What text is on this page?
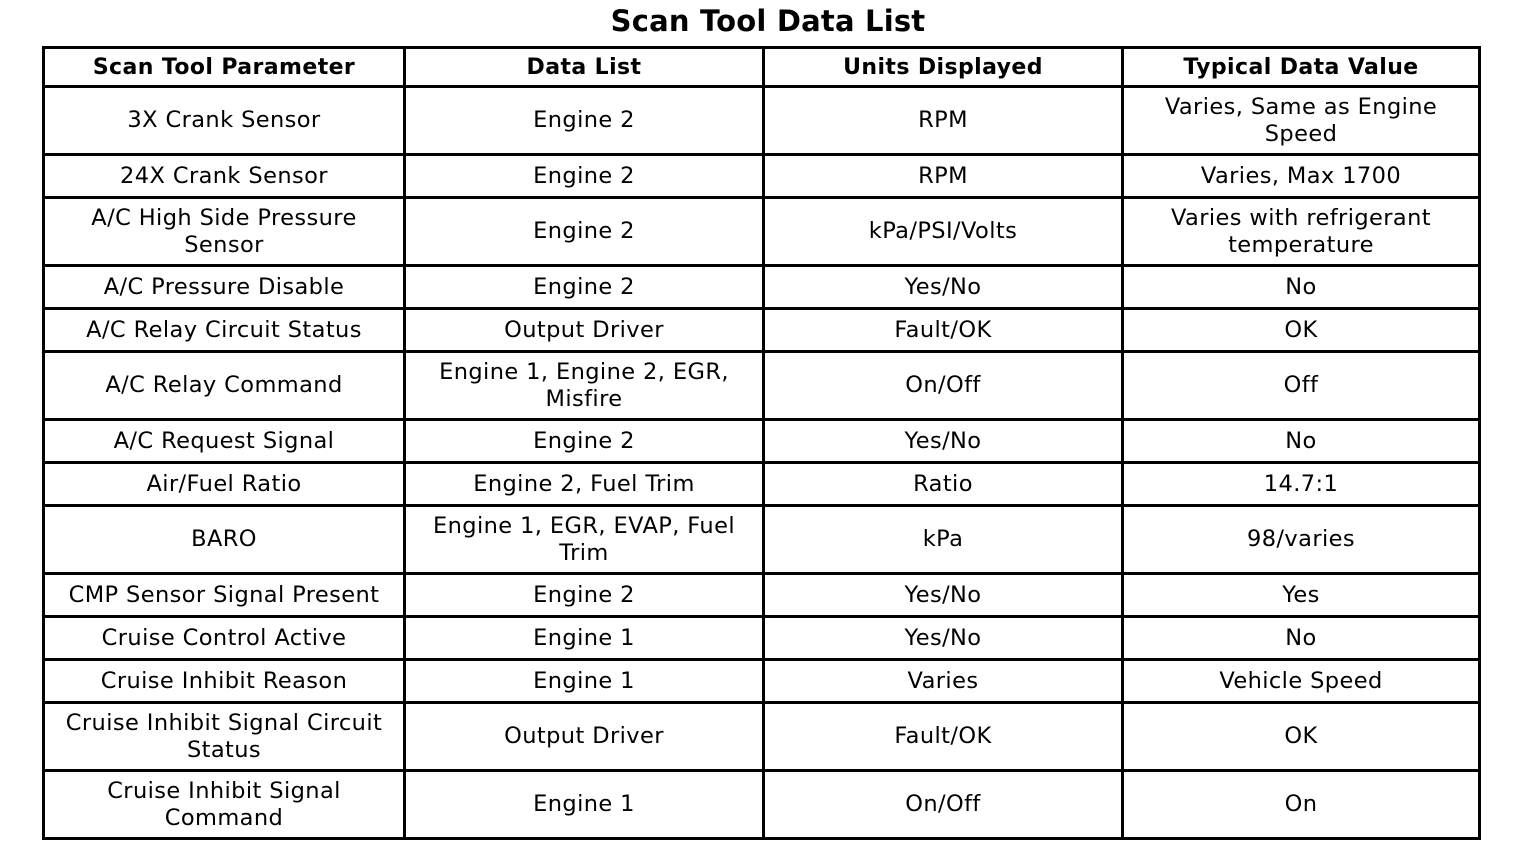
Scan Tool Data List
Scan Tool Parameter	Data List	Units Displayed	Typical Data Value
3X Crank Sensor	Engine 2	RPM	Varies, Same as Engine Speed
24X Crank Sensor	Engine 2	RPM	Varies, Max 1700
A/C High Side Pressure Sensor	Engine 2	kPa/PSI/Volts	Varies with refrigerant temperature
A/C Pressure Disable	Engine 2	Yes/No	No
A/C Relay Circuit Status	Output Driver	Fault/OK	OK
A/C Relay Command	Engine 1, Engine 2, EGR, Misfire	On/Off	Off
A/C Request Signal	Engine 2	Yes/No	No
Air/Fuel Ratio	Engine 2, Fuel Trim	Ratio	14.7:1
BARO	Engine 1, EGR, EVAP, Fuel Trim	kPa	98/varies
CMP Sensor Signal Present	Engine 2	Yes/No	Yes
Cruise Control Active	Engine 1	Yes/No	No
Cruise Inhibit Reason	Engine 1	Varies	Vehicle Speed
Cruise Inhibit Signal Circuit Status	Output Driver	Fault/OK	OK
Cruise Inhibit Signal Command	Engine 1	On/Off	On
